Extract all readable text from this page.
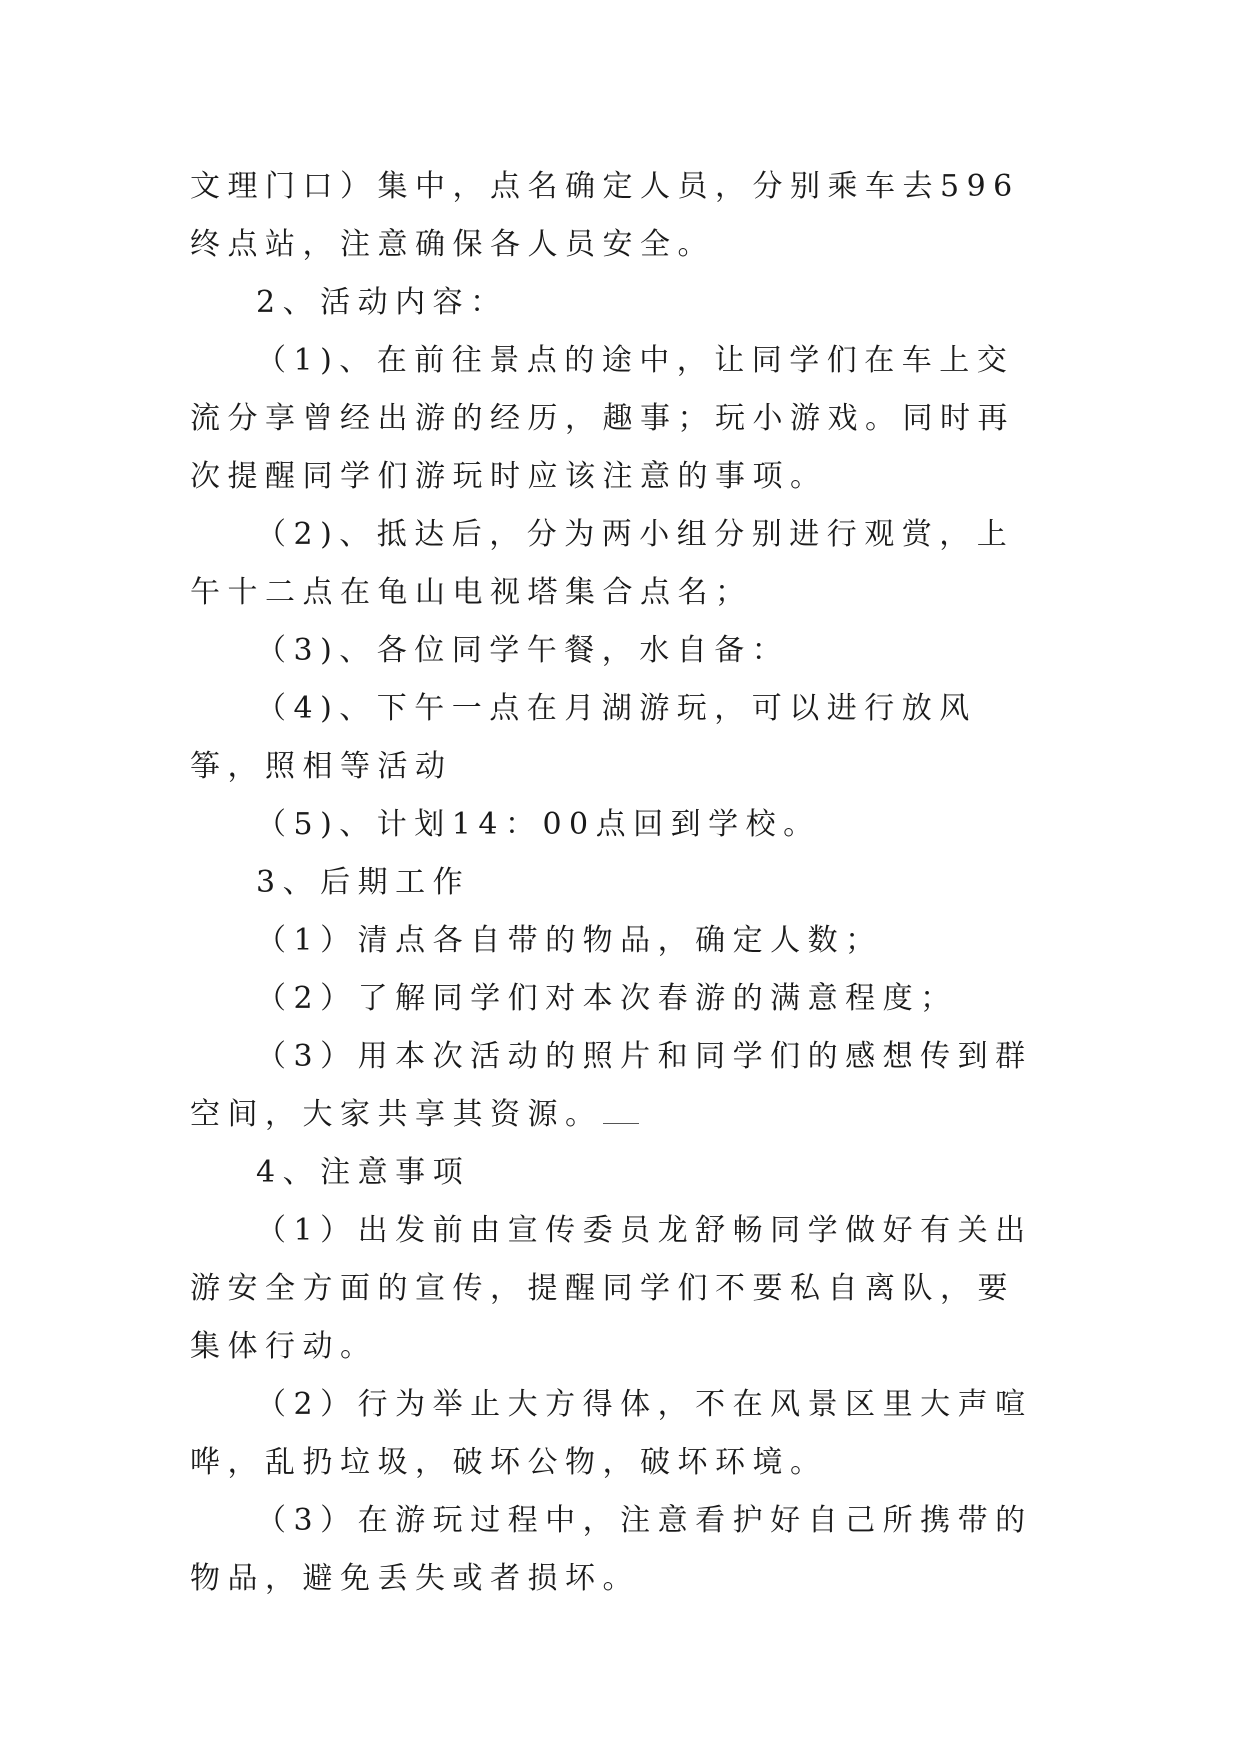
文理门口）集中，点名确定人员，分别乘车去596终点站，注意确保各人员安全。

2、活动内容：

（1)、在前往景点的途中，让同学们在车上交流分享曾经出游的经历，趣事；玩小游戏。同时再次提醒同学们游玩时应该注意的事项。

（2)、抵达后，分为两小组分别进行观赏，上午十二点在龟山电视塔集合点名；

（3)、各位同学午餐，水自备：

（4)、下午一点在月湖游玩，可以进行放风筝，照相等活动

（5)、计划14：00点回到学校。

3、后期工作

（1）清点各自带的物品，确定人数；

（2）了解同学们对本次春游的满意程度；

（3）用本次活动的照片和同学们的感想传到群空间，大家共享其资源。

4、注意事项

（1）出发前由宣传委员龙舒畅同学做好有关出游安全方面的宣传，提醒同学们不要私自离队，要集体行动。

（2）行为举止大方得体，不在风景区里大声喧哗，乱扔垃圾，破坏公物，破坏环境。

（3）在游玩过程中，注意看护好自己所携带的物品，避免丢失或者损坏。
